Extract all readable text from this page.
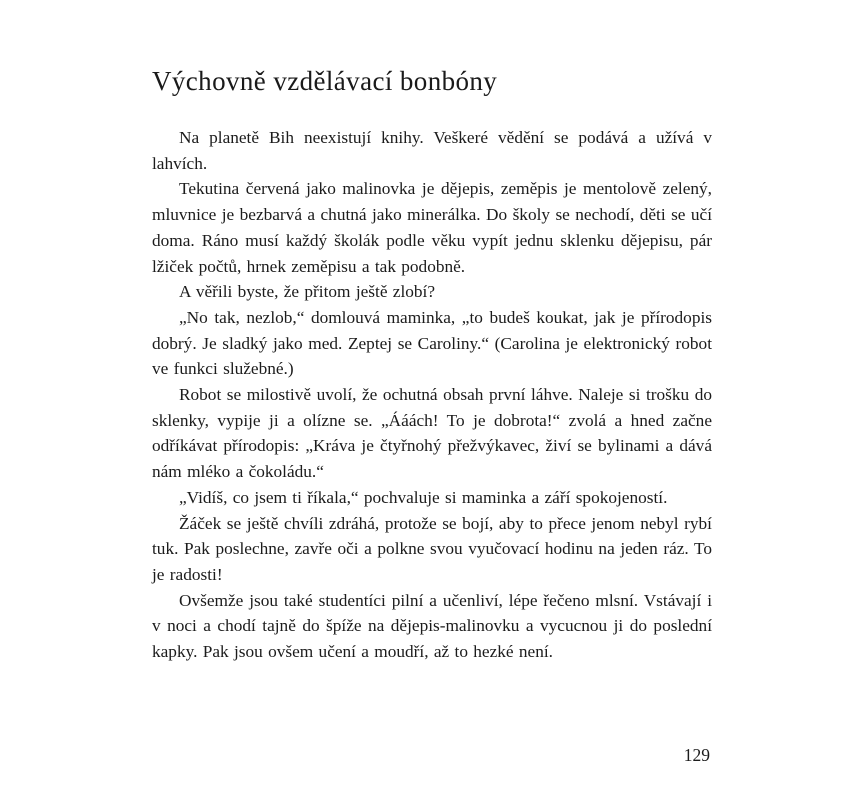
Výchovně vzdělávací bonbóny

Na planetě Bih neexistují knihy. Veškeré vědění se podává a užívá v lahvích.

Tekutina červená jako malinovka je dějepis, zeměpis je mentolově zelený, mluvnice je bezbarvá a chutná jako minerálka. Do školy se nechodí, děti se učí doma. Ráno musí každý školák podle věku vypít jednu sklenku dějepisu, pár lžiček počtů, hrnek zeměpisu a tak podobně.

A věřili byste, že přitom ještě zlobí?

„No tak, nezlob,“ domlouvá maminka, „to budeš koukat, jak je přírodopis dobrý. Je sladký jako med. Zeptej se Caroliny.“ (Carolina je elektronický robot ve funkci služebné.)

Robot se milostivě uvolí, že ochutná obsah první láhve. Naleje si trošku do sklenky, vypije ji a olízne se. „Ááách! To je dobrota!“ zvolá a hned začne odříkávat přírodopis: „Kráva je čtyřnohý přežvýkavec, živí se bylinami a dává nám mléko a čokoládu.“

„Vidíš, co jsem ti říkala,“ pochvaluje si maminka a září spokojeností.

Žáček se ještě chvíli zdráhá, protože se bojí, aby to přece jenom nebyl rybí tuk. Pak poslechne, zavře oči a polkne svou vyučovací hodinu na jeden ráz. To je radosti!

Ovšemže jsou také studentíci pilní a učenliví, lépe řečeno mlsní. Vstávají i v noci a chodí tajně do špíže na dějepis-malinovku a vycucnou ji do poslední kapky. Pak jsou ovšem učení a moudří, až to hezké není.

129
